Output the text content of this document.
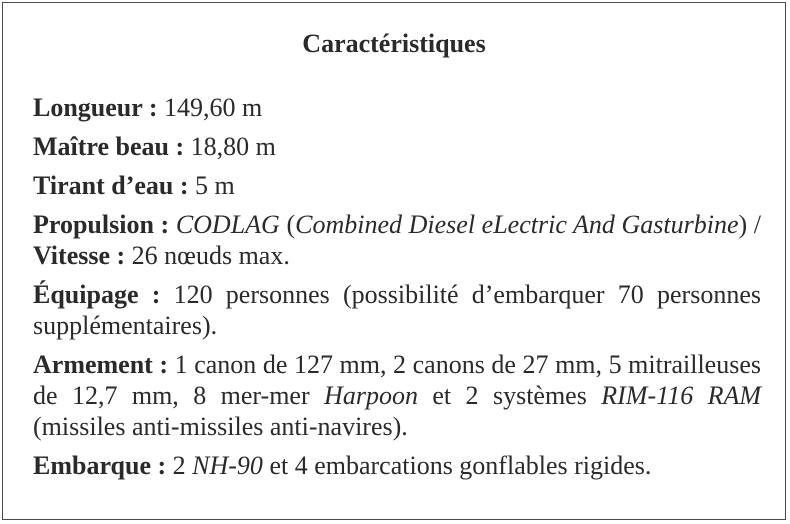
Caractéristiques
Longueur : 149,60 m
Maître beau : 18,80 m
Tirant d’eau : 5 m
Propulsion : CODLAG (Combined Diesel eLectric And Gasturbine) / Vitesse : 26 nœuds max.
Équipage : 120 personnes (possibilité d’embarquer 70 personnes supplémentaires).
Armement : 1 canon de 127 mm, 2 canons de 27 mm, 5 mitrailleuses de 12,7 mm, 8 mer-mer Harpoon et 2 systèmes RIM-116 RAM (missiles anti-missiles anti-navires).
Embarque : 2 NH-90 et 4 embarcations gonflables rigides.
